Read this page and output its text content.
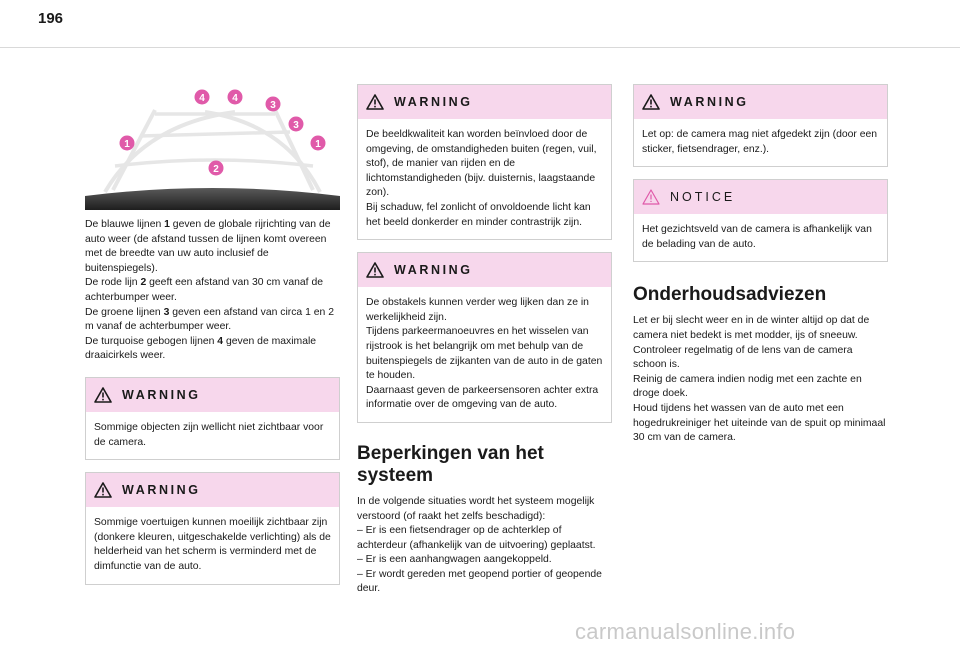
196
1	1
2
3
3
4	4

De blauwe lijnen 1 geven de globale rijrichting van de auto weer (de afstand tussen de lijnen komt overeen met de breedte van uw auto inclusief de buitenspiegels).
De rode lijn 2 geeft een afstand van 30 cm vanaf de achterbumper weer.
De groene lijnen 3 geven een afstand van circa 1 en 2 m vanaf de achterbumper weer.
De turquoise gebogen lijnen 4 geven de maximale draaicirkels weer.

WARNING

Sommige objecten zijn wellicht niet zichtbaar voor de camera.

WARNING

Sommige voertuigen kunnen moeilijk zichtbaar zijn (donkere kleuren, uitgeschakelde verlichting) als de helderheid van het scherm is verminderd met de dimfunctie van de auto.

WARNING

De beeldkwaliteit kan worden beïnvloed door de omgeving, de omstandigheden buiten (regen, vuil, stof), de manier van rijden en de lichtomstandigheden (bijv. duisternis, laagstaande zon).
Bij schaduw, fel zonlicht of onvoldoende licht kan het beeld donkerder en minder contrastrijk zijn.

WARNING

De obstakels kunnen verder weg lijken dan ze in werkelijkheid zijn.
Tijdens parkeermanoeuvres en het wisselen van rijstrook is het belangrijk om met behulp van de buitenspiegels de zijkanten van de auto in de gaten te houden.
Daarnaast geven de parkeersensoren achter extra informatie over de omgeving van de auto.

Beperkingen van het systeem

In de volgende situaties wordt het systeem mogelijk verstoord (of raakt het zelfs beschadigd):
– Er is een fietsendrager op de achterklep of achterdeur (afhankelijk van de uitvoering) geplaatst.
– Er is een aanhangwagen aangekoppeld.
– Er wordt gereden met geopend portier of geopende deur.

WARNING

Let op: de camera mag niet afgedekt zijn (door een sticker, fietsendrager, enz.).

NOTICE

Het gezichtsveld van de camera is afhankelijk van de belading van de auto.

Onderhoudsadviezen

Let er bij slecht weer en in de winter altijd op dat de camera niet bedekt is met modder, ijs of sneeuw.
Controleer regelmatig of de lens van de camera schoon is.
Reinig de camera indien nodig met een zachte en droge doek.
Houd tijdens het wassen van de auto met een hogedrukreiniger het uiteinde van de spuit op minimaal 30 cm van de camera.

carmanualsonline.info
